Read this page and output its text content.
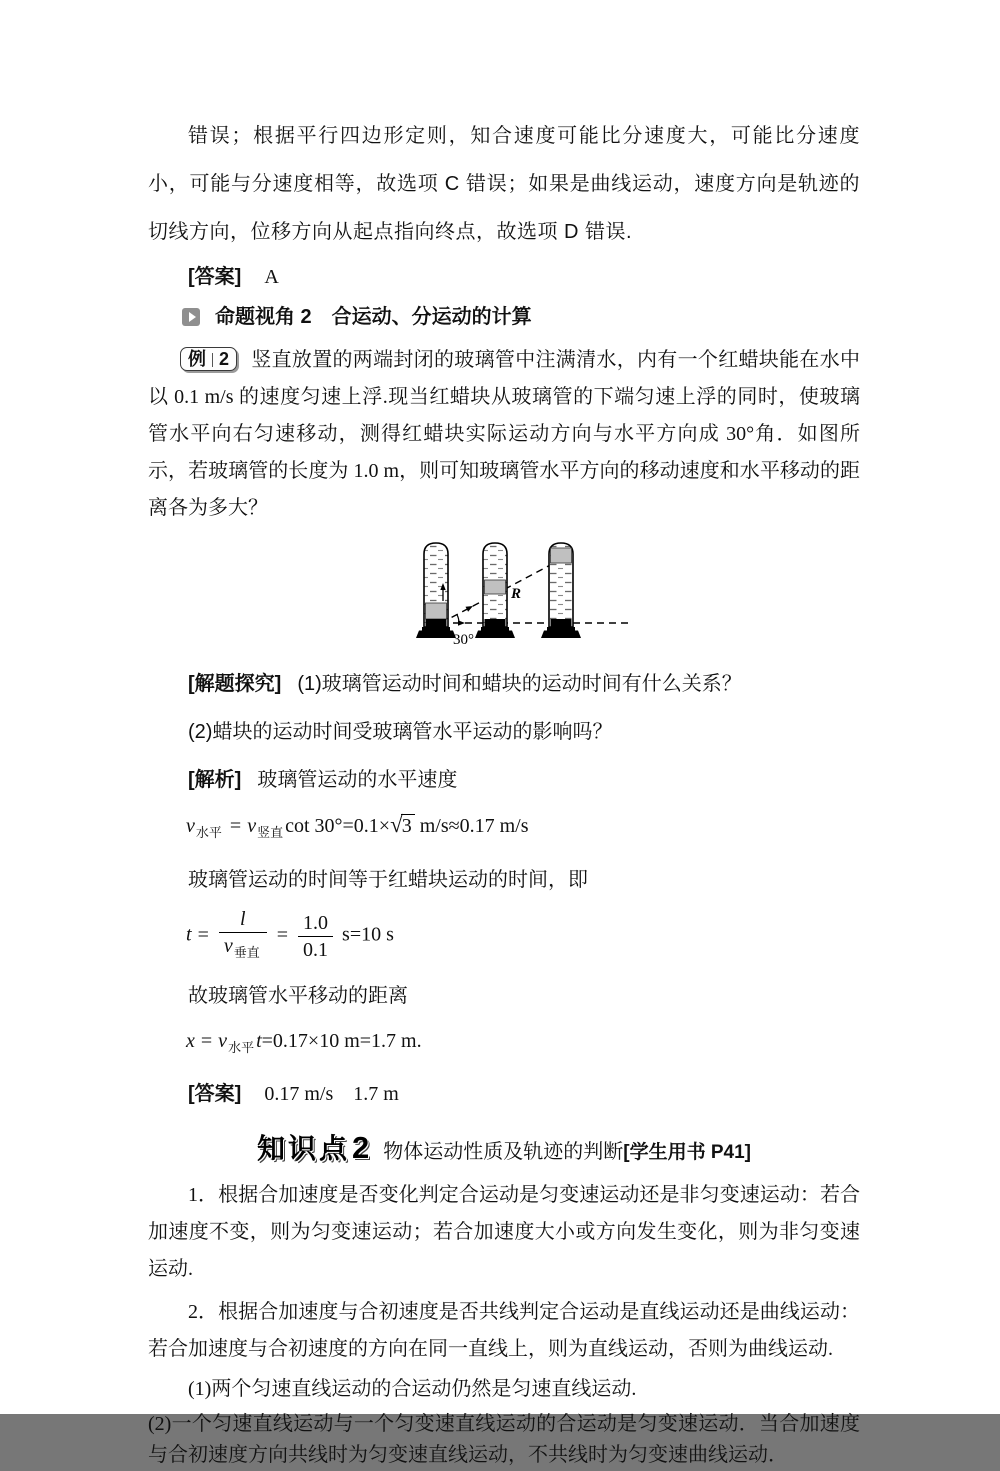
错误；根据平行四边形定则，知合速度可能比分速度大，可能比分速度小，可能与分速度相等，故选项 C 错误；如果是曲线运动，速度方向是轨迹的切线方向，位移方向从起点指向终点，故选项 D 错误.

[答案] A

命题视角 2　合运动、分运动的计算

例 2 竖直放置的两端封闭的玻璃管中注满清水，内有一个红蜡块能在水中以 0.1 m/s 的速度匀速上浮.现当红蜡块从玻璃管的下端匀速上浮的同时，使玻璃管水平向右匀速移动，测得红蜡块实际运动方向与水平方向成 30°角．如图所示，若玻璃管的长度为 1.0 m，则可知玻璃管水平方向的移动速度和水平移动的距离各为多大？

30°
R

[解题探究] (1)玻璃管运动时间和蜡块的运动时间有什么关系？

(2)蜡块的运动时间受玻璃管水平运动的影响吗？

[解析] 玻璃管运动的水平速度

$v_{水平} = v_{竖直}$ cot 30°=0.1×√3 m/s≈0.17 m/s

玻璃管运动的时间等于红蜡块运动的时间，即

$t = \frac{l}{v_{垂直}} = \frac{1.0}{0.1} s=10$ s

故玻璃管水平移动的距离

$x = v_{水平}$ t=0.17×10 m=1.7 m.

[答案] 0.17 m/s　1.7 m

知识点2 物体运动性质及轨迹的判断[学生用书 P41]

1．根据合加速度是否变化判定合运动是匀变速运动还是非匀变速运动：若合加速度不变，则为匀变速运动；若合加速度大小或方向发生变化，则为非匀变速运动.

2．根据合加速度与合初速度是否共线判定合运动是直线运动还是曲线运动：若合加速度与合初速度的方向在同一直线上，则为直线运动，否则为曲线运动.

(1)两个匀速直线运动的合运动仍然是匀速直线运动.

(2)一个匀速直线运动与一个匀变速直线运动的合运动是匀变速运动．当合加速度与合初速度方向共线时为匀变速直线运动，不共线时为匀变速曲线运动．
